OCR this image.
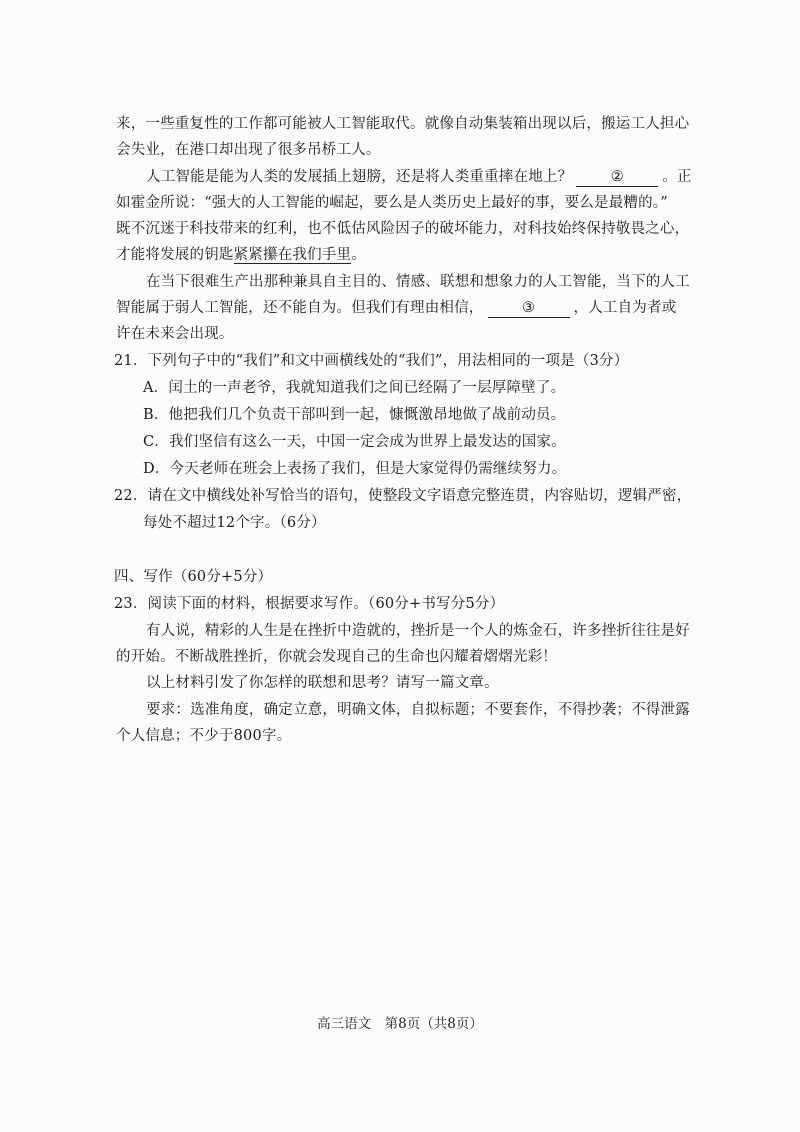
来，一些重复性的工作都可能被人工智能取代。就像自动集装箱出现以后，搬运工人担心
会失业，在港口却出现了很多吊桥工人。
人工智能是能为人类的发展插上翅膀，还是将人类重重摔在地上？	②	。正
如霍金所说：“强大的人工智能的崛起，要么是人类历史上最好的事，要么是最糟的。”
既不沉迷于科技带来的红利，也不低估风险因子的破坏能力，对科技始终保持敬畏之心，
才能将发展的钥匙紧紧攥在我们手里。
在当下很难生产出那种兼具自主目的、情感、联想和想象力的人工智能，当下的人工
智能属于弱人工智能，还不能自为。但我们有理由相信，	③	，人工自为者或
许在未来会出现。
21．下列句子中的“我们”和文中画横线处的“我们”，用法相同的一项是（3分）
A．闰土的一声老爷，我就知道我们之间已经隔了一层厚障壁了。
B．他把我们几个负责干部叫到一起，慷慨激昂地做了战前动员。
C．我们坚信有这么一天，中国一定会成为世界上最发达的国家。
D．今天老师在班会上表扬了我们，但是大家觉得仍需继续努力。
22．请在文中横线处补写恰当的语句，使整段文字语意完整连贯，内容贴切，逻辑严密，
每处不超过12个字。（6分）
四、写作（60分+5分）
23．阅读下面的材料，根据要求写作。（60分+书写分5分）
有人说，精彩的人生是在挫折中造就的，挫折是一个人的炼金石，许多挫折往往是好
的开始。不断战胜挫折，你就会发现自己的生命也闪耀着熠熠光彩！
以上材料引发了你怎样的联想和思考？请写一篇文章。
要求：选准角度，确定立意，明确文体，自拟标题；不要套作，不得抄袭；不得泄露
个人信息；不少于800字。
高三语文　第8页（共8页）
